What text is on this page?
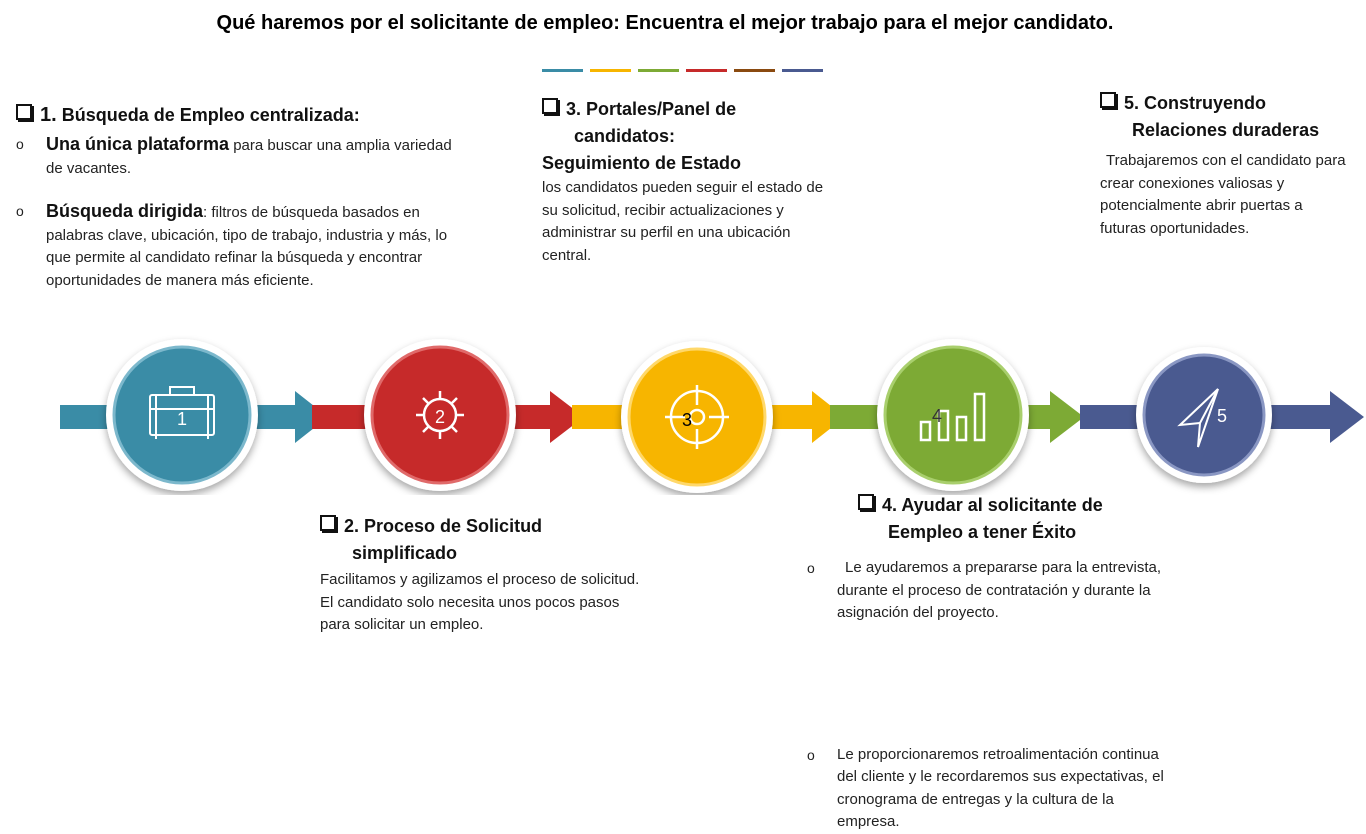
Qué haremos por el solicitante de empleo: Encuentra el mejor trabajo para el mejor candidato.
1. Búsqueda de Empleo centralizada:
o Una única plataforma para buscar una amplia variedad de vacantes.
o Búsqueda dirigida: filtros de búsqueda basados en palabras clave, ubicación, tipo de trabajo, industria y más, lo que permite al candidato refinar la búsqueda y encontrar oportunidades de manera más eficiente.
3. Portales/Panel de candidatos:
Seguimiento de Estado
los candidatos pueden seguir el estado de su solicitud, recibir actualizaciones y administrar su perfil en una ubicación central.
5. Construyendo Relaciones duraderas
Trabajaremos con el candidato para crear conexiones valiosas y potencialmente abrir puertas a futuras oportunidades.
1	2	3	4	5
2. Proceso de Solicitud simplificado
Facilitamos y agilizamos el proceso de solicitud. El candidato solo necesita unos pocos pasos para solicitar un empleo.
4. Ayudar al solicitante de Eempleo a tener Éxito
o Le ayudaremos a prepararse para la entrevista, durante el proceso de contratación y durante la asignación del proyecto.
o Le proporcionaremos retroalimentación continua del cliente y le recordaremos sus expectativas, el cronograma de entregas y la cultura de la empresa.
